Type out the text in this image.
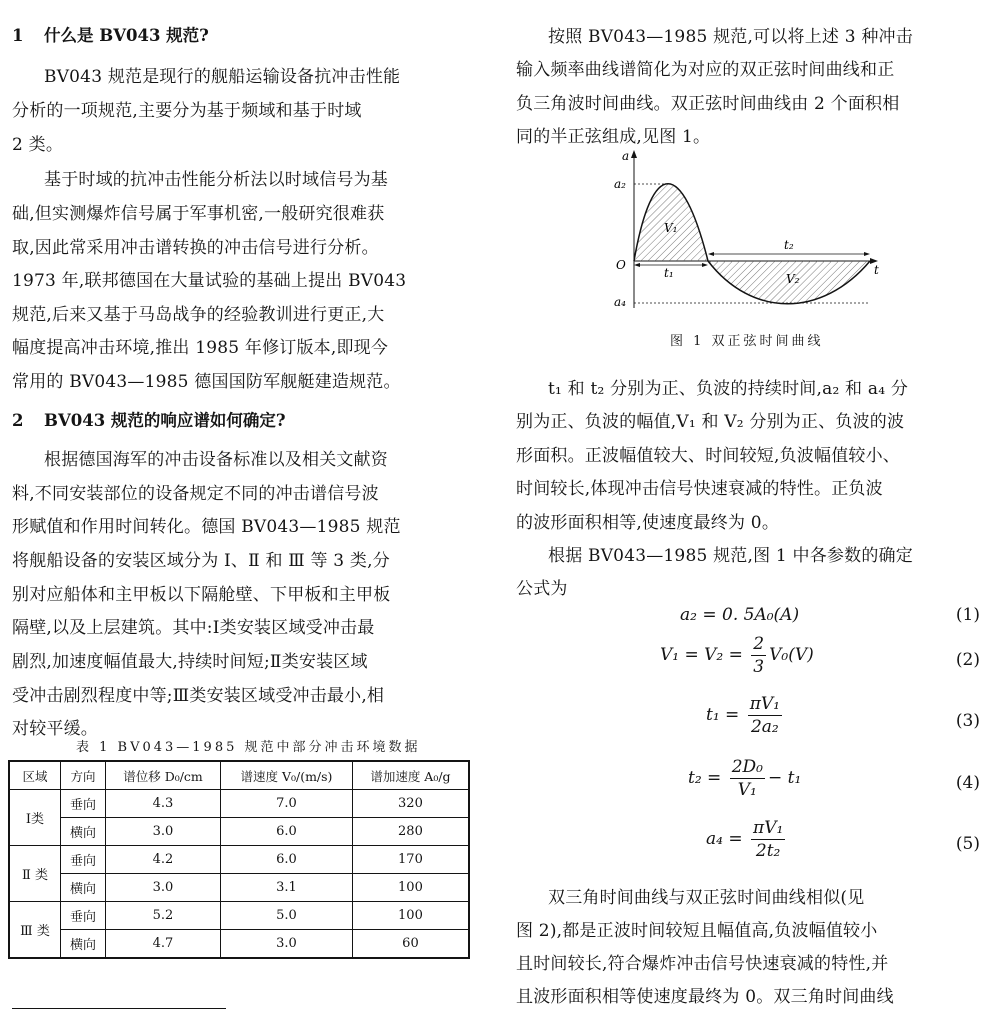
1 什么是 BV043 规范?
BV043 规范是现行的舰船运输设备抗冲击性能
分析的一项规范,主要分为基于频域和基于时域
2 类。
基于时域的抗冲击性能分析法以时域信号为基
础,但实测爆炸信号属于军事机密,一般研究很难获
取,因此常采用冲击谱转换的冲击信号进行分析。
1973 年,联邦德国在大量试验的基础上提出 BV043
规范,后来又基于马岛战争的经验教训进行更正,大
幅度提高冲击环境,推出 1985 年修订版本,即现今
常用的 BV043—1985 德国国防军舰艇建造规范。
2 BV043 规范的响应谱如何确定?
根据德国海军的冲击设备标准以及相关文献资
料,不同安装部位的设备规定不同的冲击谱信号波
形赋值和作用时间转化。德国 BV043—1985 规范
将舰船设备的安装区域分为 Ⅰ、Ⅱ 和 Ⅲ 等 3 类,分
别对应船体和主甲板以下隔舱壁、下甲板和主甲板
隔壁,以及上层建筑。其中:Ⅰ类安装区域受冲击最
剧烈,加速度幅值最大,持续时间短;Ⅱ类安装区域
受冲击剧烈程度中等;Ⅲ类安装区域受冲击最小,相
对较平缓。
表 1 BV043—1985 规范中部分冲击环境数据
区域	方向	谱位移 D₀/cm	谱速度 V₀/(m/s)	谱加速度 A₀/g
Ⅰ类	垂向	4.3	7.0	320
	横向	3.0	6.0	280
Ⅱ 类	垂向	4.2	6.0	170
	横向	3.0	3.1	100
Ⅲ 类	垂向	5.2	5.0	100
	横向	4.7	3.0	60
按照 BV043—1985 规范,可以将上述 3 种冲击
输入频率曲线谱简化为对应的双正弦时间曲线和正
负三角波时间曲线。双正弦时间曲线由 2 个面积相
同的半正弦组成,见图 1。
a
a₂
O	t
a₄
t₁
t₂
V₁
V₂
图 1 双正弦时间曲线
t₁ 和 t₂ 分别为正、负波的持续时间,a₂ 和 a₄ 分
别为正、负波的幅值,V₁ 和 V₂ 分别为正、负波的波
形面积。正波幅值较大、时间较短,负波幅值较小、
时间较长,体现冲击信号快速衰减的特性。正负波
的波形面积相等,使速度最终为 0。
根据 BV043—1985 规范,图 1 中各参数的确定
公式为
a₂ = 0. 5A₀(A)	(1)
$V_1 = V_2 = \frac{2}{3} V_0(V)$	(2)
$t_1 = \frac{\text{πV₁}}{\text{2a₂}}$	(3)
$t_2 = \frac{\text{2D₀}}{\text{V₁}} - t_1$	(4)
$a_4 = \frac{\text{πV₁}}{\text{2t₂}}$	(5)
双三角时间曲线与双正弦时间曲线相似(见
图 2),都是正波时间较短且幅值高,负波幅值较小
且时间较长,符合爆炸冲击信号快速衰减的特性,并
且波形面积相等使速度最终为 0。双三角时间曲线
